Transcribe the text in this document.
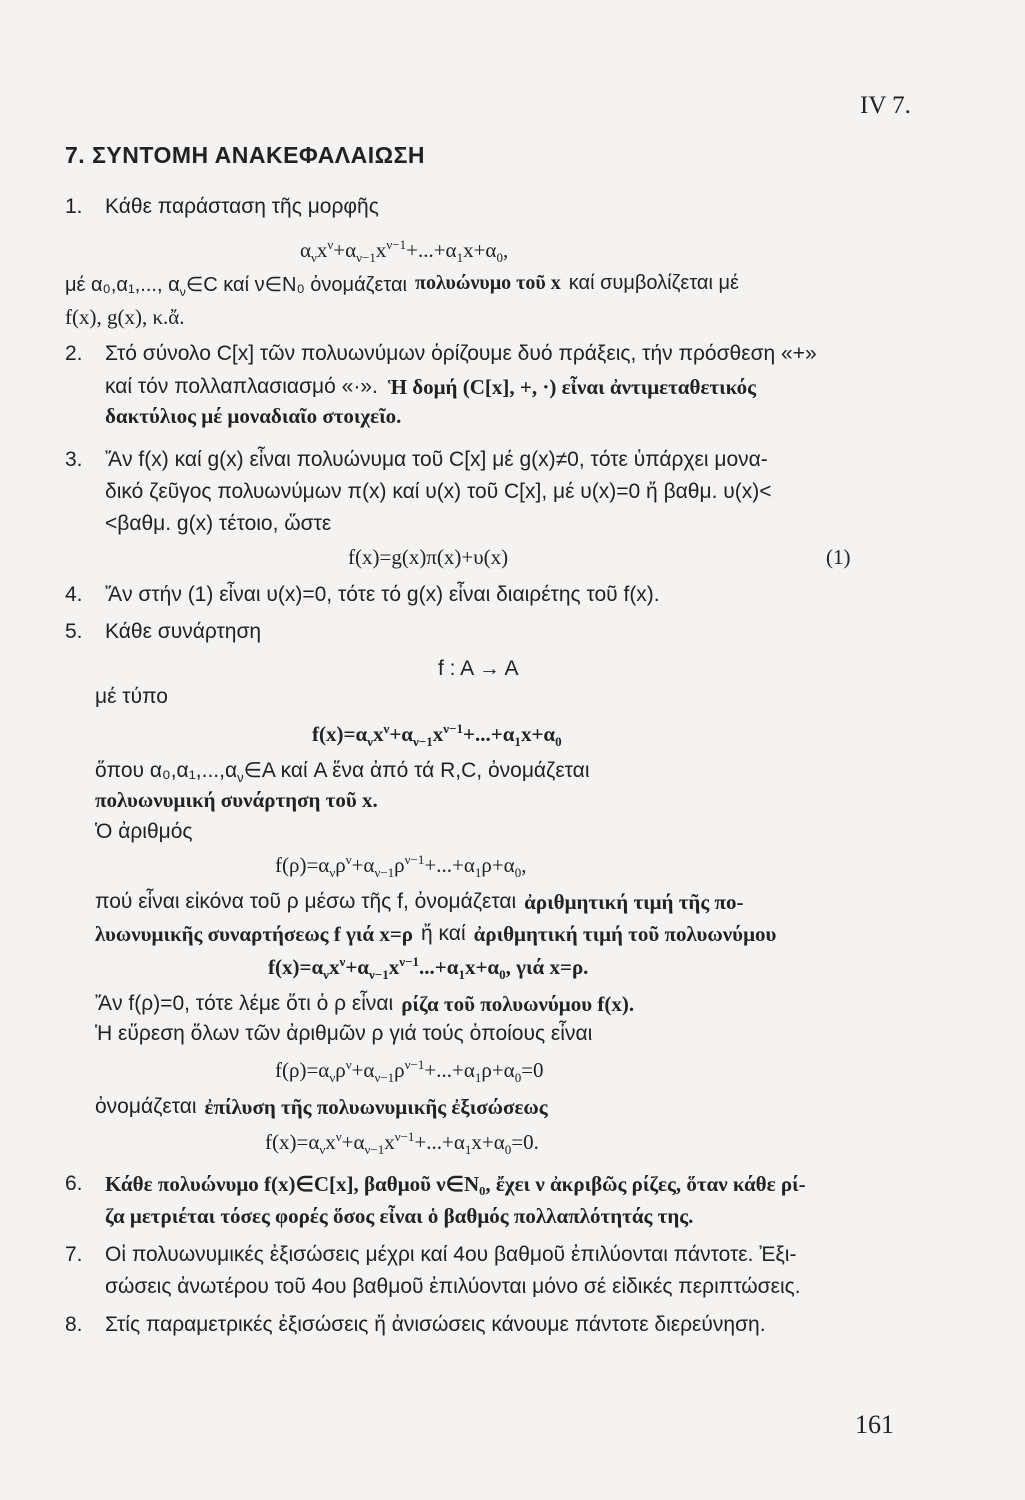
IV 7.
7. ΣΥΝΤΟΜΗ ΑΝΑΚΕΦΑΛΑΙΩΣΗ
1. Κάθε παράσταση τῆς μορφῆς
$\alpha_\nu x^\nu+\alpha_{\nu-1}x^{\nu-1}+...+\alpha_1x+\alpha_0$,
μέ α₀,α₁,..., $\alpha_\nu\in C$ καί ν∈N₀ ὀνομάζεται πολυώνυμο τοῦ x καί συμβολίζεται μέ
f(x), g(x), κ.ἄ.
2. Στό σύνολο C[x] τῶν πολυωνύμων ὁρίζουμε δυό πράξεις, τήν πρόσθεση «+»
καί τόν πολλαπλασιασμό «·». Ἡ δομή (C[x], +, ·) εἶναι ἀντιμεταθετικός
δακτύλιος μέ μοναδιαῖο στοιχεῖο.
3. Ἄν f(x) καί g(x) εἶναι πολυώνυμα τοῦ C[x] μέ g(x)≠0, τότε ὑπάρχει μονα-
δικό ζεῦγος πολυωνύμων π(x) καί υ(x) τοῦ C[x], μέ υ(x)=0 ἤ βαθμ. υ(x)<
<βαθμ. g(x) τέτοιο, ὥστε
f(x)=g(x)π(x)+υ(x)	(1)
4. Ἄν στήν (1) εἶναι υ(x)=0, τότε τό g(x) εἶναι διαιρέτης τοῦ f(x).
5. Κάθε συνάρτηση
f : A → A
μέ τύπο
$f(x)=\alpha_\nu x^\nu+\alpha_{\nu-1}x^{\nu-1}+...+\alpha_1x+\alpha_0$
ὅπου $\alpha_0,\alpha_1,...,\alpha_\nu\in A$ καί A ἕνα ἀπό τά R,C, ὀνομάζεται
πολυωνυμική συνάρτηση τοῦ x.
Ὁ ἀριθμός
$f(\rho)=\alpha_\nu\rho^\nu+\alpha_{\nu-1}\rho^{\nu-1}+...+\alpha_1\rho+\alpha_0$,
πού εἶναι εἰκόνα τοῦ ρ μέσω τῆς f, ὀνομάζεται ἀριθμητική τιμή τῆς πο-
λυωνυμικῆς συναρτήσεως f γιά x=ρ ἤ καί ἀριθμητική τιμή τοῦ πολυωνύμου
$f(x)=\alpha_\nu x^\nu+\alpha_{\nu-1}x^{\nu-1}...+\alpha_1x+\alpha_0$, γιά x=ρ.
Ἄν f(ρ)=0, τότε λέμε ὅτι ὁ ρ εἶναι ρίζα τοῦ πολυωνύμου f(x).
Ἡ εὕρεση ὅλων τῶν ἀριθμῶν ρ γιά τούς ὁποίους εἶναι
$f(\rho)=\alpha_\nu\rho^\nu+\alpha_{\nu-1}\rho^{\nu-1}+...+\alpha_1\rho+\alpha_0=0$
ὀνομάζεται ἐπίλυση τῆς πολυωνυμικῆς ἐξισώσεως
$f(x)=\alpha_\nu x^\nu+\alpha_{\nu-1}x^{\nu-1}+...+\alpha_1x+\alpha_0=0$.
6. Κάθε πολυώνυμο f(x)∈C[x], βαθμοῦ ν∈N₀, ἔχει ν ἀκριβῶς ρίζες, ὅταν κάθε ρί-
ζα μετριέται τόσες φορές ὅσος εἶναι ὁ βαθμός πολλαπλότητάς της.
7. Οἱ πολυωνυμικές ἐξισώσεις μέχρι καί 4ου βαθμοῦ ἐπιλύονται πάντοτε. Ἐξι-
σώσεις ἀνωτέρου τοῦ 4ου βαθμοῦ ἐπιλύονται μόνο σέ εἰδικές περιπτώσεις.
8. Στίς παραμετρικές ἐξισώσεις ἤ ἀνισώσεις κάνουμε πάντοτε διερεύνηση.
161
